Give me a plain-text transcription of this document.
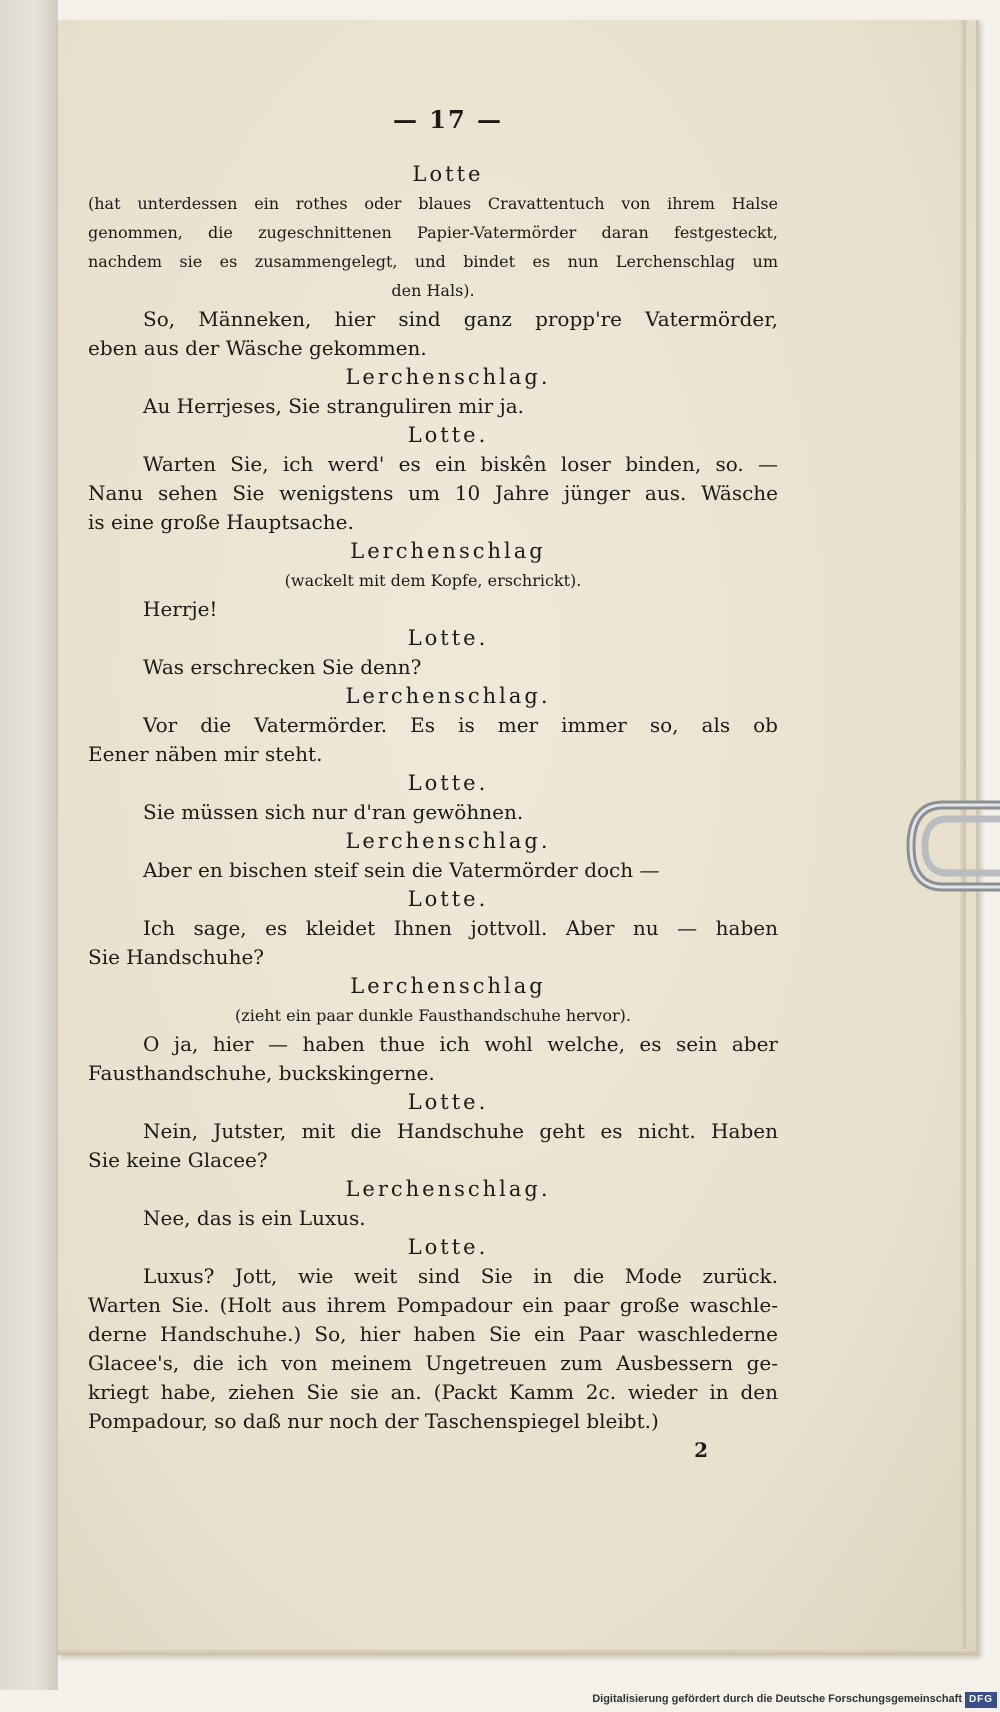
— 17 —
Lotte
(hat unterdessen ein rothes oder blaues Cravattentuch von ihrem Halse
genommen, die zugeschnittenen Papier-Vatermörder daran festgesteckt,
nachdem sie es zusammengelegt, und bindet es nun Lerchenschlag um
den Hals).
So, Männeken, hier sind ganz propp're Vatermörder,
eben aus der Wäsche gekommen.
Lerchenschlag.
Au Herrjeses, Sie stranguliren mir ja.
Lotte.
Warten Sie, ich werd' es ein biskên loser binden, so. —
Nanu sehen Sie wenigstens um 10 Jahre jünger aus. Wäsche
is eine große Hauptsache.
Lerchenschlag
(wackelt mit dem Kopfe, erschrickt).
Herrje!
Lotte.
Was erschrecken Sie denn?
Lerchenschlag.
Vor die Vatermörder. Es is mer immer so, als ob
Eener näben mir steht.
Lotte.
Sie müssen sich nur d'ran gewöhnen.
Lerchenschlag.
Aber en bischen steif sein die Vatermörder doch —
Lotte.
Ich sage, es kleidet Ihnen jottvoll. Aber nu — haben
Sie Handschuhe?
Lerchenschlag
(zieht ein paar dunkle Fausthandschuhe hervor).
O ja, hier — haben thue ich wohl welche, es sein aber
Fausthandschuhe, buckskingerne.
Lotte.
Nein, Jutster, mit die Handschuhe geht es nicht. Haben
Sie keine Glacee?
Lerchenschlag.
Nee, das is ein Luxus.
Lotte.
Luxus? Jott, wie weit sind Sie in die Mode zurück.
Warten Sie. (Holt aus ihrem Pompadour ein paar große waschle-
derne Handschuhe.) So, hier haben Sie ein Paar waschlederne
Glacee's, die ich von meinem Ungetreuen zum Ausbessern ge-
kriegt habe, ziehen Sie sie an. (Packt Kamm 2c. wieder in den
Pompadour, so daß nur noch der Taschenspiegel bleibt.)
2
Digitalisierung gefördert durch die Deutsche Forschungsgemeinschaft DFG
